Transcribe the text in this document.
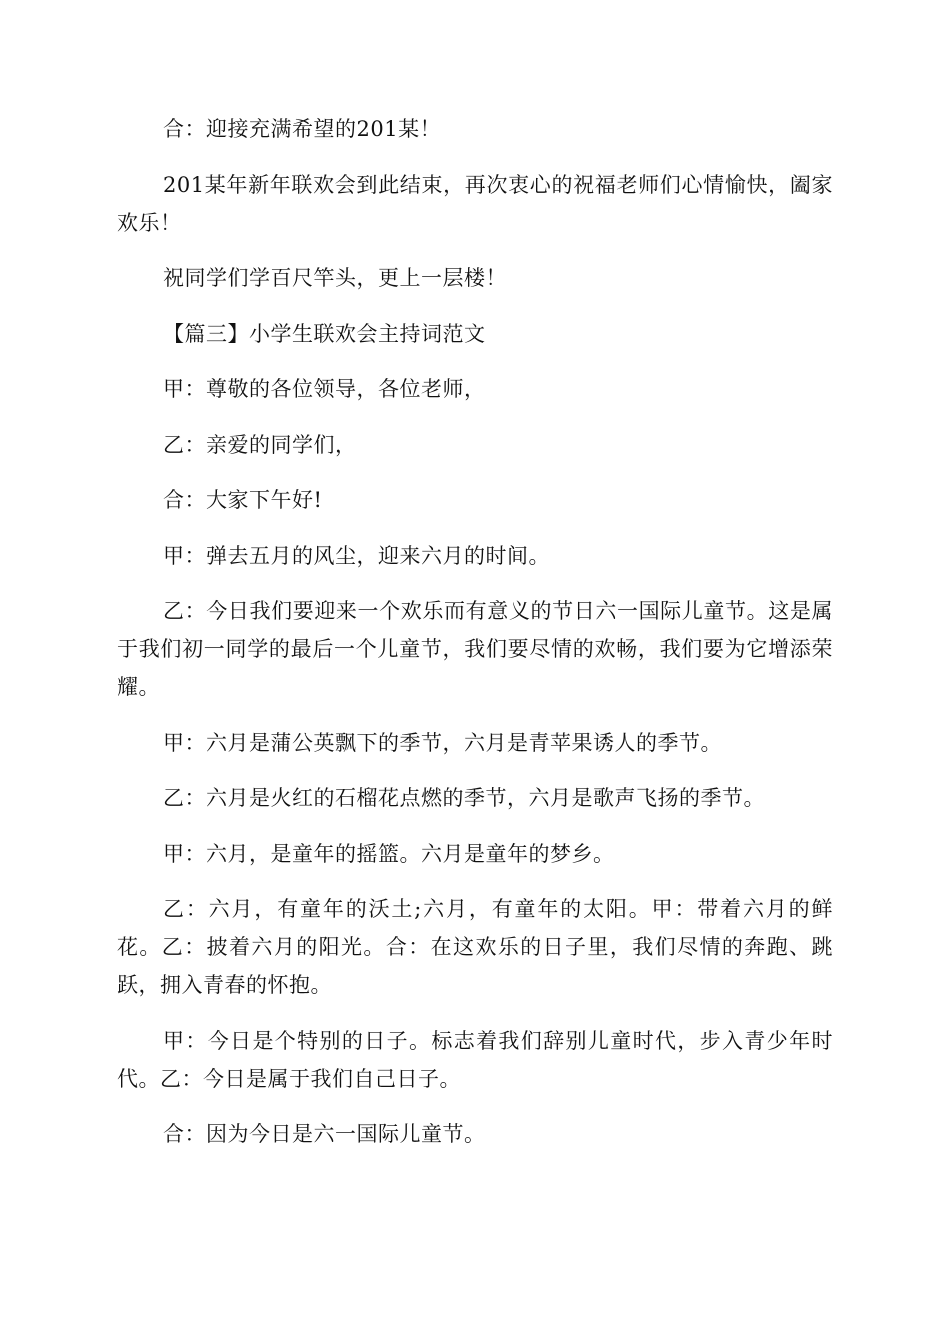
合：迎接充满希望的201某！

201某年新年联欢会到此结束，再次衷心的祝福老师们心情愉快，阖家欢乐！

祝同学们学百尺竿头，更上一层楼！

【篇三】小学生联欢会主持词范文

甲：尊敬的各位领导，各位老师，

乙：亲爱的同学们，

合：大家下午好!

甲：弹去五月的风尘，迎来六月的时间。

乙：今日我们要迎来一个欢乐而有意义的节日六一国际儿童节。这是属于我们初一同学的最后一个儿童节，我们要尽情的欢畅，我们要为它增添荣耀。

甲：六月是蒲公英飘下的季节，六月是青苹果诱人的季节。

乙：六月是火红的石榴花点燃的季节，六月是歌声飞扬的季节。

甲：六月，是童年的摇篮。六月是童年的梦乡。

乙：六月，有童年的沃土;六月，有童年的太阳。甲：带着六月的鲜花。乙：披着六月的阳光。合：在这欢乐的日子里，我们尽情的奔跑、跳跃，拥入青春的怀抱。

甲：今日是个特别的日子。标志着我们辞别儿童时代，步入青少年时代。乙：今日是属于我们自己日子。

合：因为今日是六一国际儿童节。
